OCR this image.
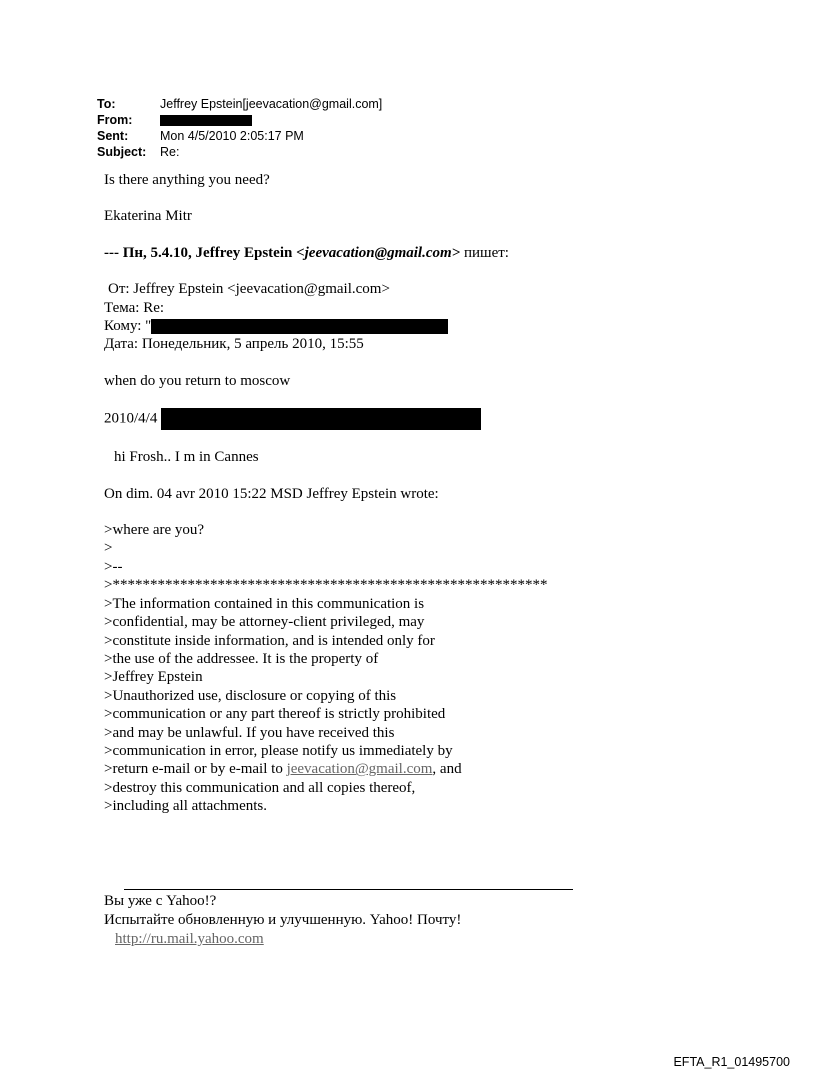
To:	Jeffrey Epstein[jeevacation@gmail.com]
From:
Sent:	Mon 4/5/2010 2:05:17 PM
Subject: Re:

Is there anything you need?

Ekaterina Mitr

--- Пн, 5.4.10, Jeffrey Epstein <jeevacation@gmail.com> пишет:

От: Jeffrey Epstein <jeevacation@gmail.com>

Тема: Re:

Кому: "

Дата: Понедельник, 5 апрель 2010, 15:55

when do you return to moscow

2010/4/4

hi Frosh.. I m in Cannes

On dim. 04 avr 2010 15:22 MSD Jeffrey Epstein wrote:

>where are you?

>

>--

>**********************************************************

>The information contained in this communication is

>confidential, may be attorney-client privileged, may

>constitute inside information, and is intended only for

>the use of the addressee. It is the property of

>Jeffrey Epstein

>Unauthorized use, disclosure or copying of this

>communication or any part thereof is strictly prohibited

>and may be unlawful. If you have received this

>communication in error, please notify us immediately by

>return e-mail or by e-mail to jeevacation@gmail.com, and

>destroy this communication and all copies thereof,

>including all attachments.

Вы уже с Yahoo!?

Испытайте обновленную и улучшенную. Yahoo! Почту!

http://ru.mail.yahoo.com

EFTA_R1_01495700
